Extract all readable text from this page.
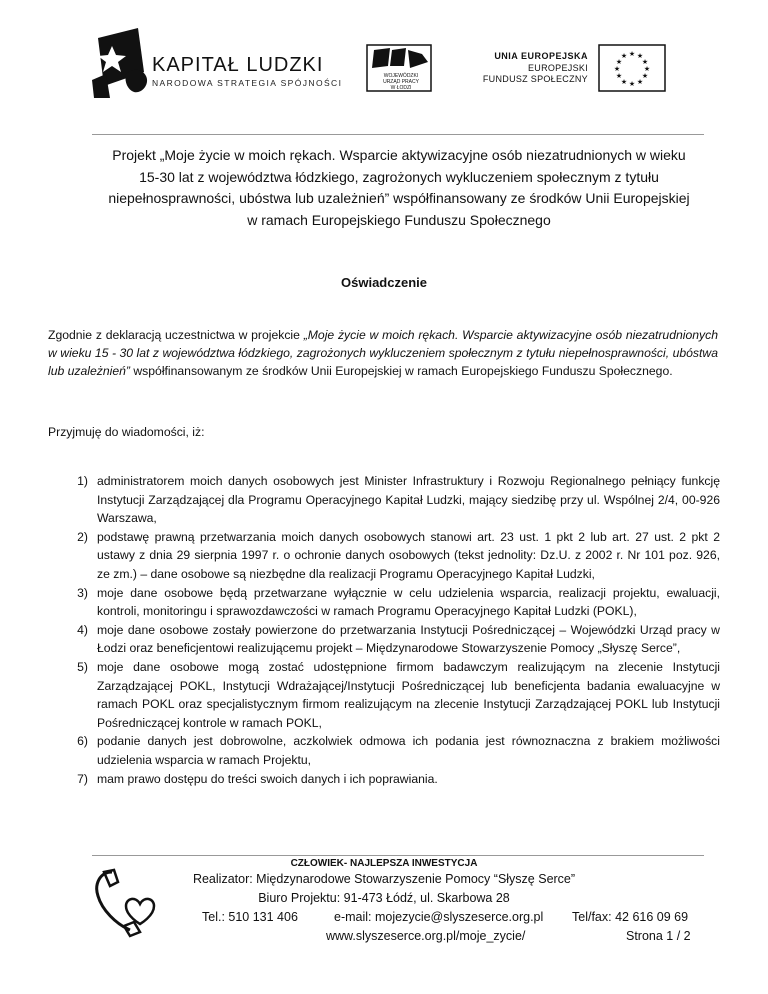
KAPITAŁ LUDZKI
NARODOWA STRATEGIA SPÓJNOŚCI
WOJEWÓDZKI
URZĄD PRACY
W ŁODZI
UNIA EUROPEJSKA
EUROPEJSKI
FUNDUSZ SPOŁECZNY
★ ★
★
★
★
★
★
★
★
★
★
★
Projekt „Moje życie w moich rękach. Wsparcie aktywizacyjne osób niezatrudnionych w wieku
15-30 lat z województwa łódzkiego, zagrożonych wykluczeniem społecznym z tytułu
niepełnosprawności, ubóstwa lub uzależnień” współfinansowany ze środków Unii Europejskiej
w ramach Europejskiego Funduszu Społecznego
Oświadczenie
Zgodnie z deklaracją uczestnictwa w projekcie „Moje życie w moich rękach. Wsparcie aktywizacyjne osób niezatrudnionych w wieku 15 - 30 lat z województwa łódzkiego, zagrożonych wykluczeniem społecznym z tytułu niepełnosprawności, ubóstwa lub uzależnień” współfinansowanym ze środków Unii Europejskiej w ramach Europejskiego Funduszu Społecznego.
Przyjmuję do wiadomości, iż:
1) administratorem moich danych osobowych jest Minister Infrastruktury i Rozwoju Regionalnego pełniący funkcję Instytucji Zarządzającej dla Programu Operacyjnego Kapitał Ludzki, mający siedzibę przy ul. Wspólnej 2/4, 00-926 Warszawa,
2) podstawę prawną przetwarzania moich danych osobowych stanowi art. 23 ust. 1 pkt 2 lub art. 27 ust. 2 pkt 2 ustawy z dnia 29 sierpnia 1997 r. o ochronie danych osobowych (tekst jednolity: Dz.U. z 2002 r. Nr 101 poz. 926, ze zm.) – dane osobowe są niezbędne dla realizacji Programu Operacyjnego Kapitał Ludzki,
3) moje dane osobowe będą przetwarzane wyłącznie w celu udzielenia wsparcia, realizacji projektu, ewaluacji, kontroli, monitoringu i sprawozdawczości w ramach Programu Operacyjnego Kapitał Ludzki (POKL),
4) moje dane osobowe zostały powierzone do przetwarzania Instytucji Pośredniczącej – Wojewódzki Urząd pracy w Łodzi oraz beneficjentowi realizującemu projekt – Międzynarodowe Stowarzyszenie Pomocy „Słyszę Serce”,
5) moje dane osobowe mogą zostać udostępnione firmom badawczym realizującym na zlecenie Instytucji Zarządzającej POKL, Instytucji Wdrażającej/Instytucji Pośredniczącej lub beneficjenta badania ewaluacyjne w ramach POKL oraz specjalistycznym firmom realizującym na zlecenie Instytucji Zarządzającej POKL lub Instytucji Pośredniczącej kontrole w ramach POKL,
6) podanie danych jest dobrowolne, aczkolwiek odmowa ich podania jest równoznaczna z brakiem możliwości udzielenia wsparcia w ramach Projektu,
7) mam prawo dostępu do treści swoich danych i ich poprawiania.
CZŁOWIEK- NAJLEPSZA INWESTYCJA
Realizator: Międzynarodowe Stowarzyszenie Pomocy “Słyszę Serce”
Biuro Projektu: 91-473 Łódź, ul. Skarbowa 28
Tel.: 510 131 406	e-mail: mojezycie@slyszeserce.org.pl Tel/fax: 42 616 09 69
www.slyszeserce.org.pl/moje_zycie/	Strona 1 / 2
